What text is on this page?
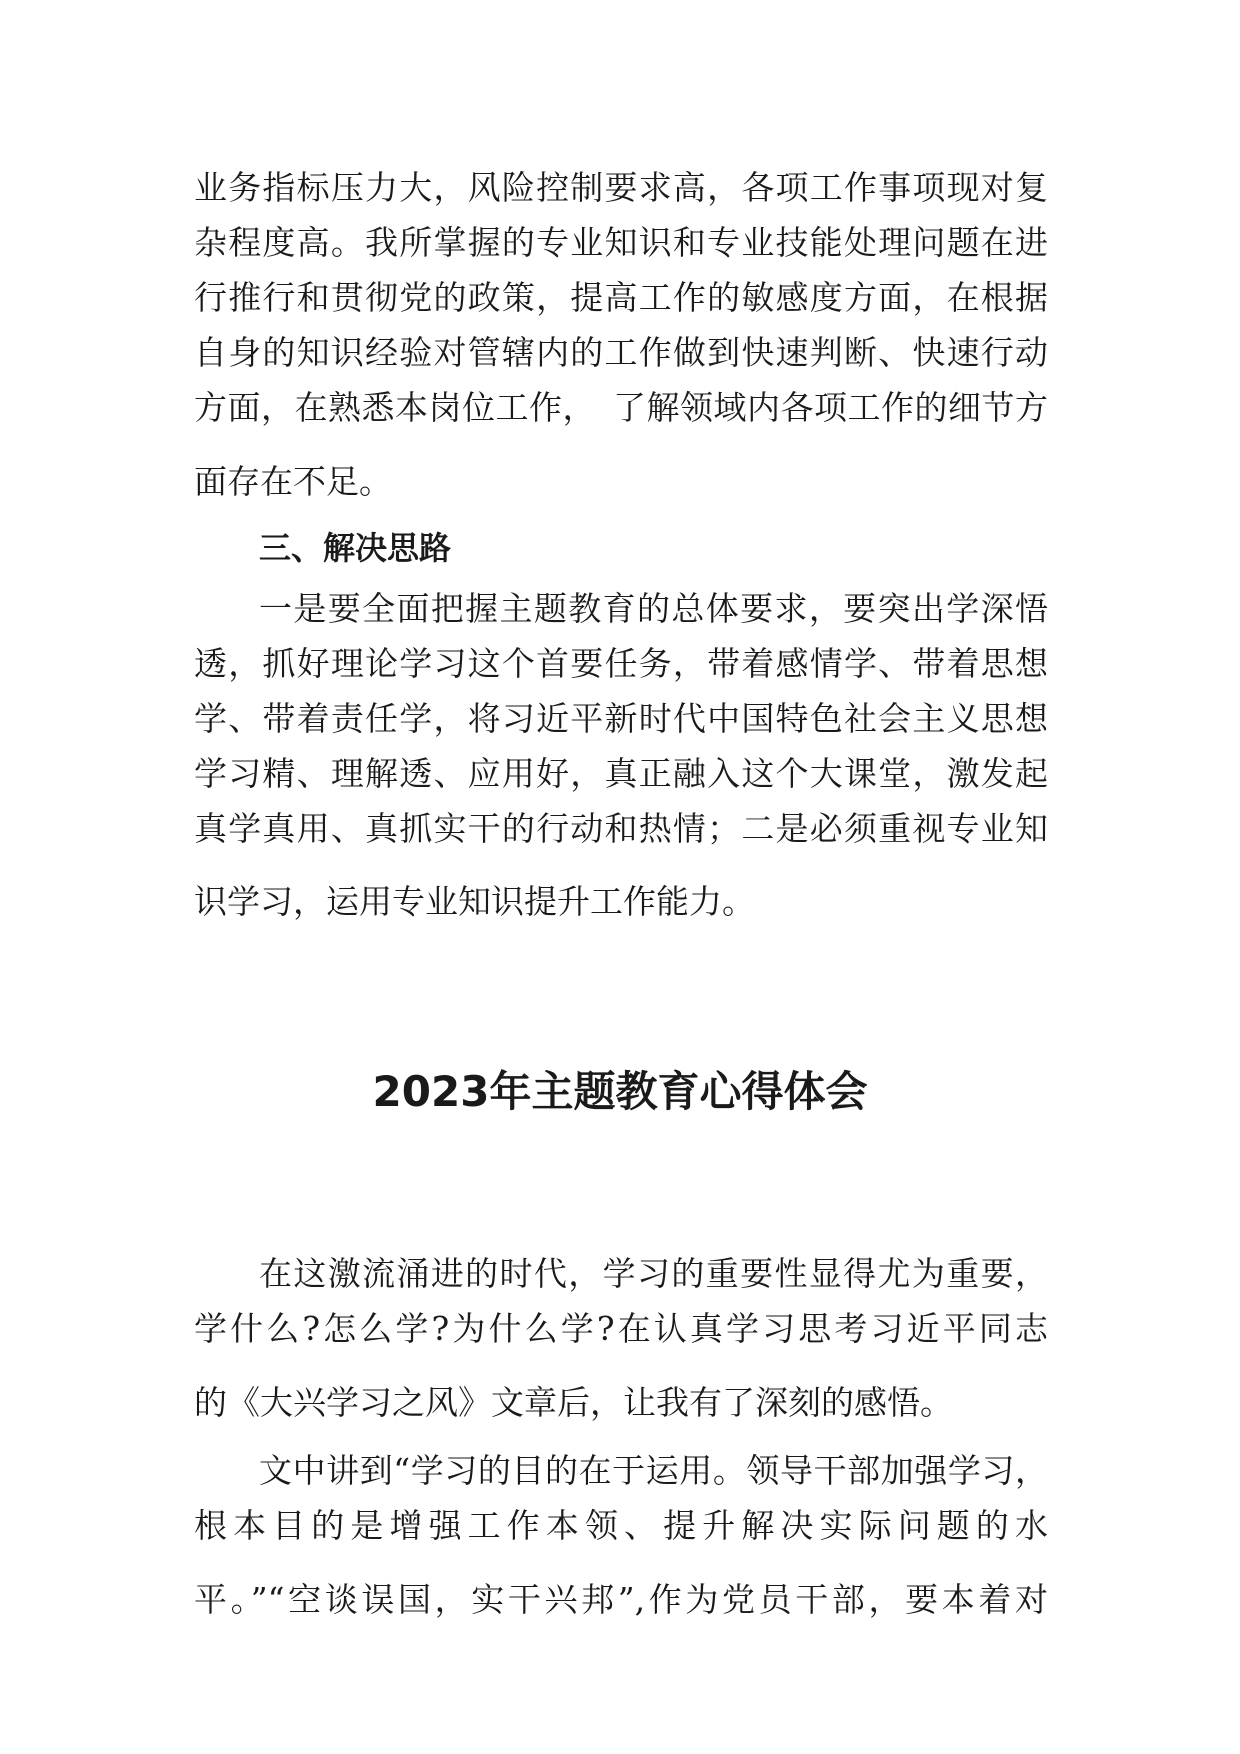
业务指标压力大，风险控制要求高，各项工作事项现对复
杂程度高。我所掌握的专业知识和专业技能处理问题在进
行推行和贯彻党的政策，提高工作的敏感度方面，在根据
自身的知识经验对管辖内的工作做到快速判断、快速行动
方面，在熟悉本岗位工作，　了解领域内各项工作的细节方
面存在不足。
三、解决思路
一是要全面把握主题教育的总体要求，要突出学深悟
透，抓好理论学习这个首要任务，带着感情学、带着思想
学、带着责任学，将习近平新时代中国特色社会主义思想
学习精、理解透、应用好，真正融入这个大课堂，激发起
真学真用、真抓实干的行动和热情；二是必须重视专业知
识学习，运用专业知识提升工作能力。
2023年主题教育心得体会
在这激流涌进的时代，学习的重要性显得尤为重要，
学什么?怎么学?为什么学?在认真学习思考习近平同志
的《大兴学习之风》文章后，让我有了深刻的感悟。
文中讲到“学习的目的在于运用。领导干部加强学习，
根本目的是增强工作本领、提升解决实际问题的水
平。”“空谈误国，实干兴邦”,作为党员干部，要本着对
